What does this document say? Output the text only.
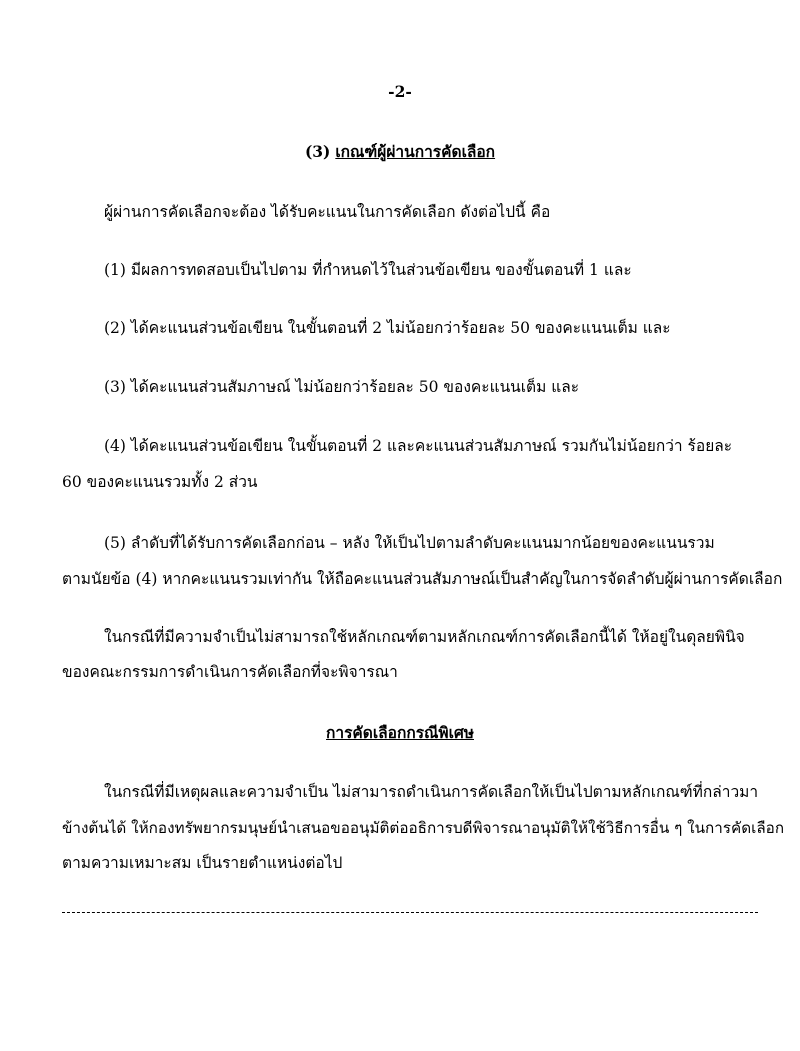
-2-
(3) เกณฑ์ผู้ผ่านการคัดเลือก
ผู้ผ่านการคัดเลือกจะต้อง ได้รับคะแนนในการคัดเลือก ดังต่อไปนี้ คือ
(1) มีผลการทดสอบเป็นไปตาม ที่กำหนดไว้ในส่วนข้อเขียน ของขั้นตอนที่ 1 และ
(2) ได้คะแนนส่วนข้อเขียน ในขั้นตอนที่ 2 ไม่น้อยกว่าร้อยละ 50 ของคะแนนเต็ม และ
(3) ได้คะแนนส่วนสัมภาษณ์ ไม่น้อยกว่าร้อยละ 50 ของคะแนนเต็ม และ
(4) ได้คะแนนส่วนข้อเขียน ในขั้นตอนที่ 2 และคะแนนส่วนสัมภาษณ์ รวมกันไม่น้อยกว่า ร้อยละ
60 ของคะแนนรวมทั้ง 2 ส่วน
(5) ลำดับที่ได้รับการคัดเลือกก่อน – หลัง ให้เป็นไปตามลำดับคะแนนมากน้อยของคะแนนรวม
ตามนัยข้อ (4) หากคะแนนรวมเท่ากัน ให้ถือคะแนนส่วนสัมภาษณ์เป็นสำคัญในการจัดลำดับผู้ผ่านการคัดเลือก
ในกรณีที่มีความจำเป็นไม่สามารถใช้หลักเกณฑ์ตามหลักเกณฑ์การคัดเลือกนี้ได้ ให้อยู่ในดุลยพินิจ
ของคณะกรรมการดำเนินการคัดเลือกที่จะพิจารณา
การคัดเลือกกรณีพิเศษ
ในกรณีที่มีเหตุผลและความจำเป็น ไม่สามารถดำเนินการคัดเลือกให้เป็นไปตามหลักเกณฑ์ที่กล่าวมา
ข้างต้นได้ ให้กองทรัพยากรมนุษย์นำเสนอขออนุมัติต่ออธิการบดีพิจารณาอนุมัติให้ใช้วิธีการอื่น ๆ ในการคัดเลือก
ตามความเหมาะสม เป็นรายตำแหน่งต่อไป
